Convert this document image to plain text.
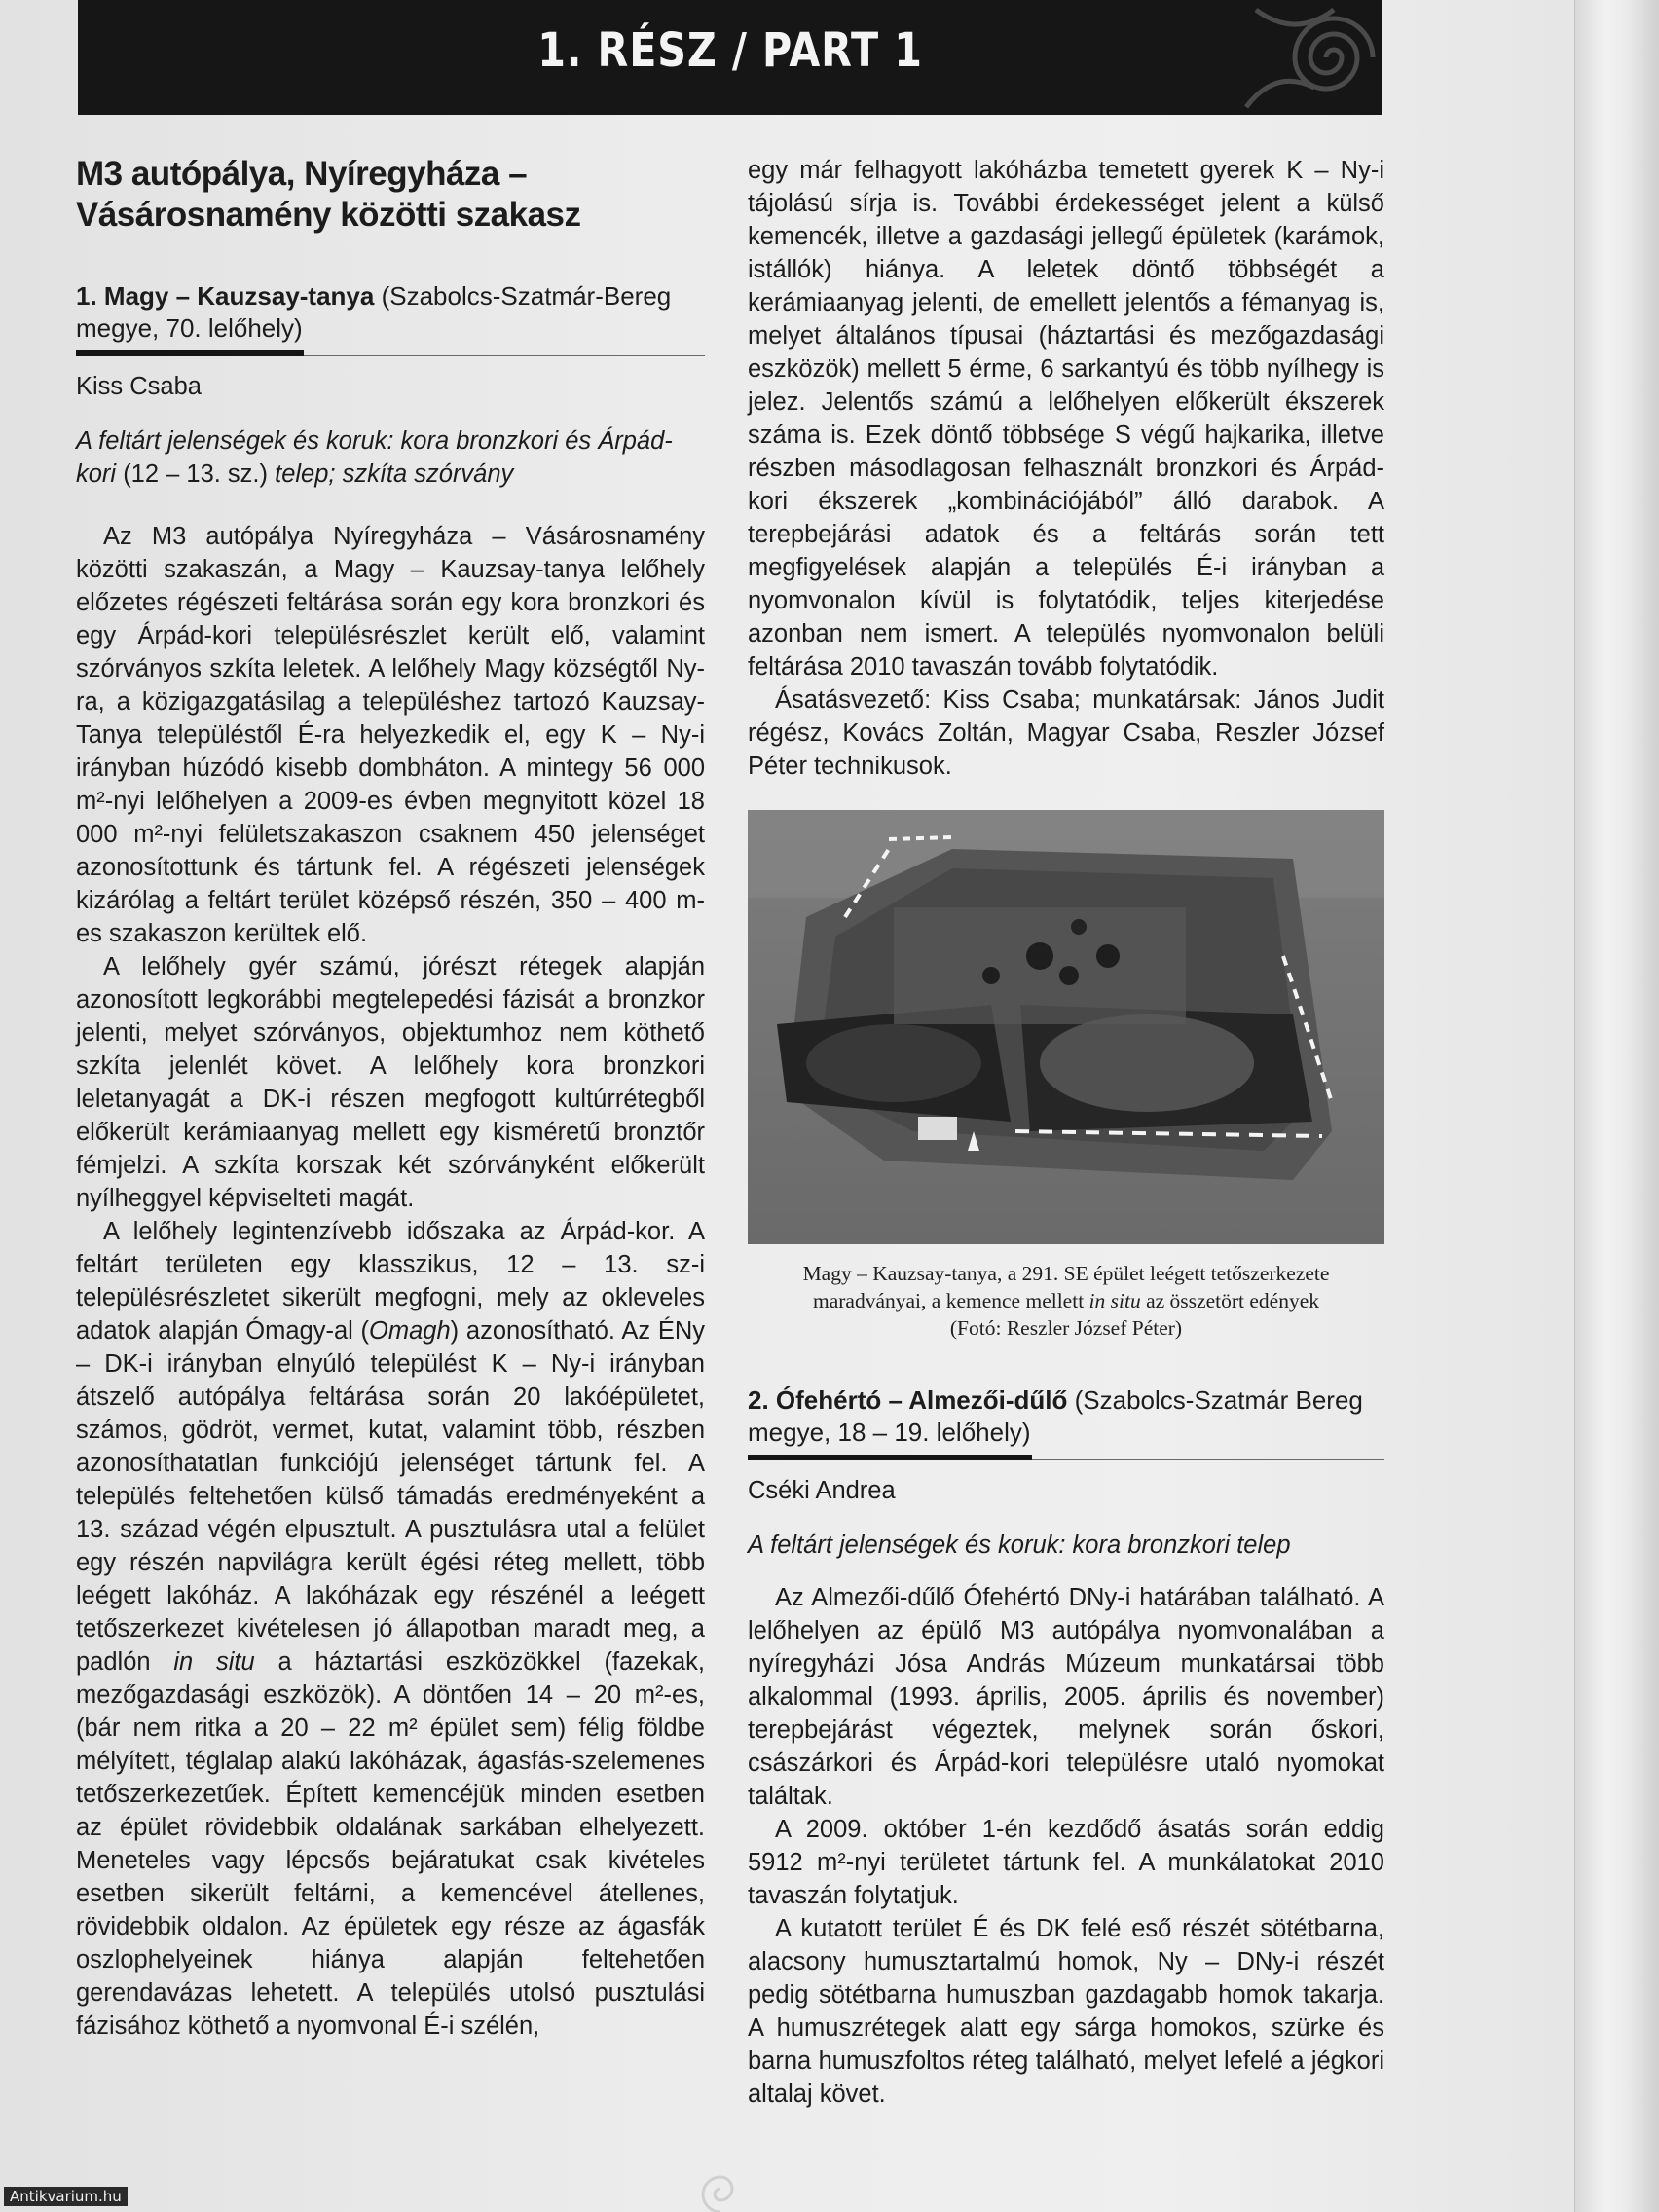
1. RÉSZ / PART 1
M3 autópálya, Nyíregyháza – Vásárosnamény közötti szakasz
1. Magy – Kauzsay-tanya (Szabolcs-Szatmár-Bereg megye, 70. lelőhely)
Kiss Csaba
A feltárt jelenségek és koruk: kora bronzkori és Árpád-kori (12 – 13. sz.) telep; szkíta szórvány

Az M3 autópálya Nyíregyháza – Vásárosnamény közötti szakaszán, a Magy – Kauzsay-tanya lelőhely előzetes régészeti feltárása során egy kora bronzkori és egy Árpád-kori településrészlet került elő, valamint szórványos szkíta leletek. A lelőhely Magy községtől Ny-ra, a közigazgatásilag a településhez tartozó Kauzsay-Tanya településtől É-ra helyezkedik el, egy K – Ny-i irányban húzódó kisebb dombháton. A mintegy 56 000 m²-nyi lelőhelyen a 2009-es évben megnyitott közel 18 000 m²-nyi felületszakaszon csaknem 450 jelenséget azonosítottunk és tártunk fel. A régészeti jelenségek kizárólag a feltárt terület középső részén, 350 – 400 m-es szakaszon kerültek elő.

A lelőhely gyér számú, jórészt rétegek alapján azonosított legkorábbi megtelepedési fázisát a bronzkor jelenti, melyet szórványos, objektumhoz nem köthető szkíta jelenlét követ. A lelőhely kora bronzkori leletanyagát a DK-i részen megfogott kultúrrétegből előkerült kerámiaanyag mellett egy kisméretű bronztőr fémjelzi. A szkíta korszak két szórványként előkerült nyílheggyel képviselteti magát.

A lelőhely legintenzívebb időszaka az Árpád-kor. A feltárt területen egy klasszikus, 12 – 13. sz-i településrészletet sikerült megfogni, mely az okleveles adatok alapján Ómagy-al (Omagh) azonosítható. Az ÉNy – DK-i irányban elnyúló települést K – Ny-i irányban átszelő autópálya feltárása során 20 lakóépületet, számos, gödröt, vermet, kutat, valamint több, részben azonosíthatatlan funkciójú jelenséget tártunk fel. A település feltehetően külső támadás eredményeként a 13. század végén elpusztult. A pusztulásra utal a felület egy részén napvilágra került égési réteg mellett, több leégett lakóház. A lakóházak egy részénél a leégett tetőszerkezet kivételesen jó állapotban maradt meg, a padlón in situ a háztartási eszközökkel (fazekak, mezőgazdasági eszközök). A döntően 14 – 20 m²-es, (bár nem ritka a 20 – 22 m² épület sem) félig földbe mélyített, téglalap alakú lakóházak, ágasfás-szelemenes tetőszerkezetűek. Épített kemencéjük minden esetben az épület rövidebbik oldalának sarkában elhelyezett. Meneteles vagy lépcsős bejáratukat csak kivételes esetben sikerült feltárni, a kemencével átellenes, rövidebbik oldalon. Az épületek egy része az ágasfák oszlophelyeinek hiánya alapján feltehetően gerendavázas lehetett. A település utolsó pusztulási fázisához köthető a nyomvonal É-i szélén,

egy már felhagyott lakóházba temetett gyerek K – Ny-i tájolású sírja is. További érdekességet jelent a külső kemencék, illetve a gazdasági jellegű épületek (karámok, istállók) hiánya. A leletek döntő többségét a kerámiaanyag jelenti, de emellett jelentős a fémanyag is, melyet általános típusai (háztartási és mezőgazdasági eszközök) mellett 5 érme, 6 sarkantyú és több nyílhegy is jelez. Jelentős számú a lelőhelyen előkerült ékszerek száma is. Ezek döntő többsége S végű hajkarika, illetve részben másodlagosan felhasznált bronzkori és Árpád-kori ékszerek „kombinációjából” álló darabok. A terepbejárási adatok és a feltárás során tett megfigyelések alapján a település É-i irányban a nyomvonalon kívül is folytatódik, teljes kiterjedése azonban nem ismert. A település nyomvonalon belüli feltárása 2010 tavaszán tovább folytatódik.

Ásatásvezető: Kiss Csaba; munkatársak: János Judit régész, Kovács Zoltán, Magyar Csaba, Reszler József Péter technikusok.

Magy – Kauzsay-tanya, a 291. SE épület leégett tetőszerkezete maradványai, a kemence mellett in situ az összetört edények
(Fotó: Reszler József Péter)
2. Ófehértó – Almezői-dűlő (Szabolcs-Szatmár Bereg megye, 18 – 19. lelőhely)
Cséki Andrea
A feltárt jelenségek és koruk: kora bronzkori telep

Az Almezői-dűlő Ófehértó DNy-i határában található. A lelőhelyen az épülő M3 autópálya nyomvonalában a nyíregyházi Jósa András Múzeum munkatársai több alkalommal (1993. április, 2005. április és november) terepbejárást végeztek, melynek során őskori, császárkori és Árpád-kori településre utaló nyomokat találtak.

A 2009. október 1-én kezdődő ásatás során eddig 5912 m²-nyi területet tártunk fel. A munkálatokat 2010 tavaszán folytatjuk.

A kutatott terület É és DK felé eső részét sötétbarna, alacsony humusztartalmú homok, Ny – DNy-i részét pedig sötétbarna humuszban gazdagabb homok takarja. A humuszrétegek alatt egy sárga homokos, szürke és barna humuszfoltos réteg található, melyet lefelé a jégkori altalaj követ.

Antikvarium.hu
